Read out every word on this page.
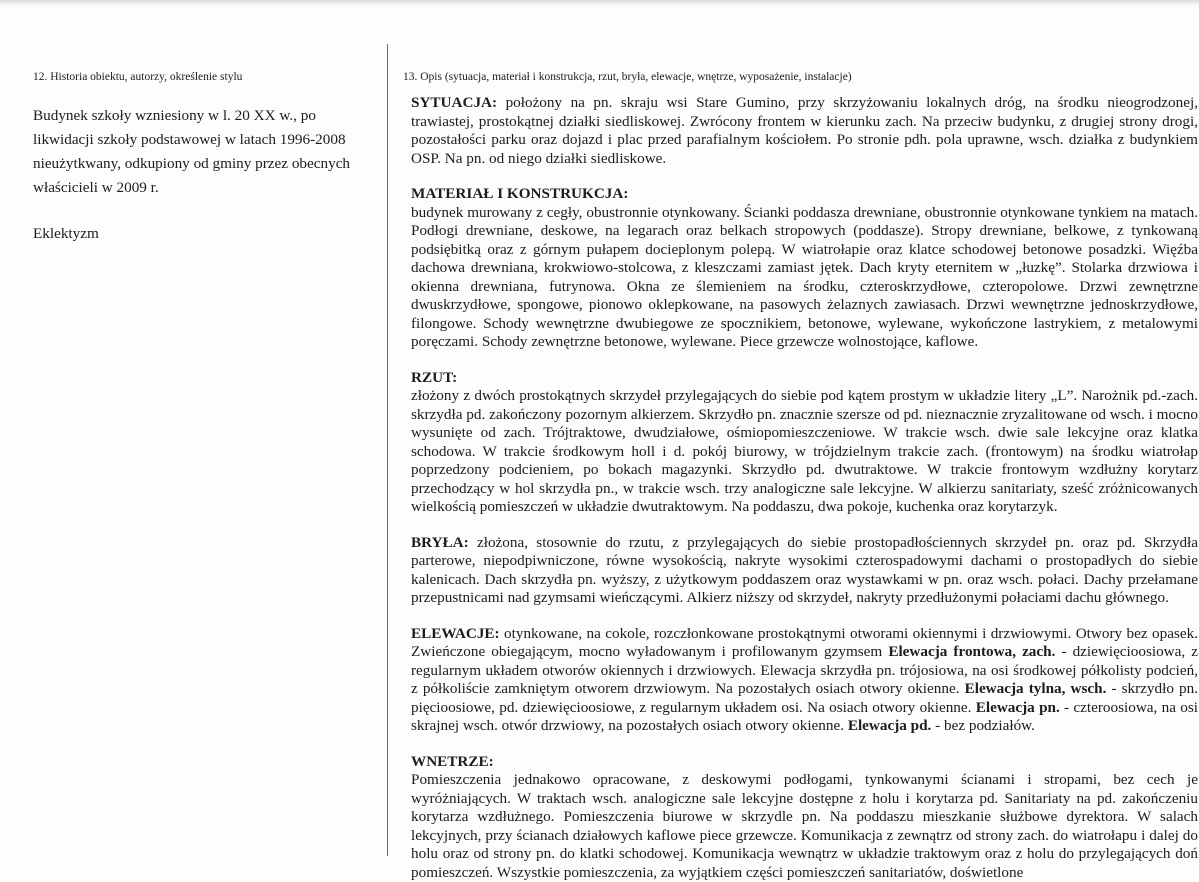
12. Historia obiektu, autorzy, określenie stylu

Budynek szkoły wzniesiony w l. 20 XX w., po likwidacji szkoły podstawowej w latach 1996-2008 nieużytkwany, odkupiony od gminy przez obecnych właścicieli w 2009 r.

Eklektyzm

13. Opis (sytuacja, materiał i konstrukcja, rzut, bryła, elewacje, wnętrze, wyposażenie, instalacje)

SYTUACJA: położony na pn. skraju wsi Stare Gumino, przy skrzyżowaniu lokalnych dróg, na środku nieogrodzonej, trawiastej, prostokątnej działki siedliskowej. Zwrócony frontem w kierunku zach. Na przeciw budynku, z drugiej strony drogi, pozostałości parku oraz dojazd i plac przed parafialnym kościołem. Po stronie pdh. pola uprawne, wsch. działka z budynkiem OSP. Na pn. od niego działki siedliskowe.

MATERIAŁ I KONSTRUKCJA:
budynek murowany z cegły, obustronnie otynkowany. Ścianki poddasza drewniane, obustronnie otynkowane tynkiem na matach. Podłogi drewniane, deskowe, na legarach oraz belkach stropowych (poddasze). Stropy drewniane, belkowe, z tynkowaną podsiębitką oraz z górnym pułapem docieplonym polepą. W wiatrołapie oraz klatce schodowej betonowe posadzki. Więźba dachowa drewniana, krokwiowo-stolcowa, z kleszczami zamiast jętek. Dach kryty eternitem w „łuzkę”. Stolarka drzwiowa i okienna drewniana, futrynowa. Okna ze ślemieniem na środku, czteroskrzydłowe, czteropolowe. Drzwi zewnętrzne dwuskrzydłowe, spongowe, pionowo oklepkowane, na pasowych żelaznych zawiasach. Drzwi wewnętrzne jednoskrzydłowe, filongowe. Schody wewnętrzne dwubiegowe ze spocznikiem, betonowe, wylewane, wykończone lastrykiem, z metalowymi poręczami. Schody zewnętrzne betonowe, wylewane. Piece grzewcze wolnostojące, kaflowe.

RZUT:
złożony z dwóch prostokątnych skrzydeł przylegających do siebie pod kątem prostym w układzie litery „L”. Narożnik pd.-zach. skrzydła pd. zakończony pozornym alkierzem. Skrzydło pn. znacznie szersze od pd. nieznacznie zryzalitowane od wsch. i mocno wysunięte od zach. Trójtraktowe, dwudziałowe, ośmiopomieszczeniowe. W trakcie wsch. dwie sale lekcyjne oraz klatka schodowa. W trakcie środkowym holl i d. pokój biurowy, w trójdzielnym trakcie zach. (frontowym) na środku wiatrołap poprzedzony podcieniem, po bokach magazynki. Skrzydło pd. dwutraktowe. W trakcie frontowym wzdłużny korytarz przechodzący w hol skrzydła pn., w trakcie wsch. trzy analogiczne sale lekcyjne. W alkierzu sanitariaty, sześć zróżnicowanych wielkością pomieszczeń w układzie dwutraktowym. Na poddaszu, dwa pokoje, kuchenka oraz korytarzyk.

BRYŁA: złożona, stosownie do rzutu, z przylegających do siebie prostopadłościennych skrzydeł pn. oraz pd. Skrzydła parterowe, niepodpiwniczone, równe wysokością, nakryte wysokimi czterospadowymi dachami o prostopadłych do siebie kalenicach. Dach skrzydła pn. wyższy, z użytkowym poddaszem oraz wystawkami w pn. oraz wsch. połaci. Dachy przełamane przepustnicami nad gzymsami wieńczącymi. Alkierz niższy od skrzydeł, nakryty przedłużonymi połaciami dachu głównego.

ELEWACJE: otynkowane, na cokole, rozczłonkowane prostokątnymi otworami okiennymi i drzwiowymi. Otwory bez opasek. Zwieńczone obiegającym, mocno wyładowanym i profilowanym gzymsem Elewacja frontowa, zach. - dziewięcioosiowa, z regularnym układem otworów okiennych i drzwiowych. Elewacja skrzydła pn. trójosiowa, na osi środkowej półkolisty podcień, z półkoliście zamkniętym otworem drzwiowym. Na pozostałych osiach otwory okienne. Elewacja tylna, wsch. - skrzydło pn. pięcioosiowe, pd. dziewięcioosiowe, z regularnym układem osi. Na osiach otwory okienne. Elewacja pn. - czteroosiowa, na osi skrajnej wsch. otwór drzwiowy, na pozostałych osiach otwory okienne. Elewacja pd. - bez podziałów.

WNETRZE:
Pomieszczenia jednakowo opracowane, z deskowymi podłogami, tynkowanymi ścianami i stropami, bez cech je wyróżniających. W traktach wsch. analogiczne sale lekcyjne dostępne z holu i korytarza pd. Sanitariaty na pd. zakończeniu korytarza wzdłużnego. Pomieszczenia biurowe w skrzydle pn. Na poddaszu mieszkanie służbowe dyrektora. W salach lekcyjnych, przy ścianach działowych kaflowe piece grzewcze. Komunikacja z zewnątrz od strony zach. do wiatrołapu i dalej do holu oraz od strony pn. do klatki schodowej. Komunikacja wewnątrz w układzie traktowym oraz z holu do przylegających doń pomieszczeń. Wszystkie pomieszczenia, za wyjątkiem części pomieszczeń sanitariatów, doświetlone
